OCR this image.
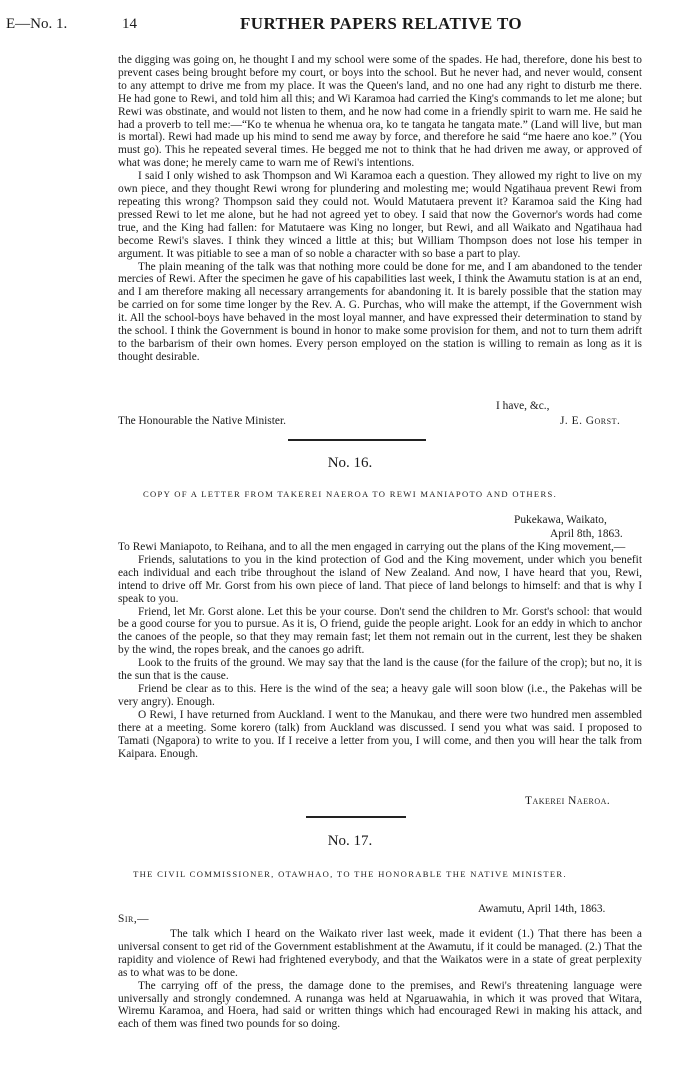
E—No. 1.	14	FURTHER PAPERS RELATIVE TO

the digging was going on, he thought I and my school were some of the spades. He had, therefore, done his best to prevent cases being brought before my court, or boys into the school. But he never had, and never would, consent to any attempt to drive me from my place. It was the Queen's land, and no one had any right to disturb me there. He had gone to Rewi, and told him all this; and Wi Karamoa had carried the King's commands to let me alone; but Rewi was obstinate, and would not listen to them, and he now had come in a friendly spirit to warn me. He said he had a proverb to tell me:—“Ko te whenua he whenua ora, ko te tangata he tangata mate.” (Land will live, but man is mortal). Rewi had made up his mind to send me away by force, and therefore he said “me haere ano koe.” (You must go). This he repeated several times. He begged me not to think that he had driven me away, or approved of what was done; he merely came to warn me of Rewi's intentions.

I said I only wished to ask Thompson and Wi Karamoa each a question. They allowed my right to live on my own piece, and they thought Rewi wrong for plundering and molesting me; would Ngatihaua prevent Rewi from repeating this wrong? Thompson said they could not. Would Matutaera prevent it? Karamoa said the King had pressed Rewi to let me alone, but he had not agreed yet to obey. I said that now the Governor's words had come true, and the King had fallen: for Matutaere was King no longer, but Rewi, and all Waikato and Ngatihaua had become Rewi's slaves. I think they winced a little at this; but William Thompson does not lose his temper in argument. It was pitiable to see a man of so noble a character with so base a part to play.

The plain meaning of the talk was that nothing more could be done for me, and I am abandoned to the tender mercies of Rewi. After the specimen he gave of his capabilities last week, I think the Awamutu station is at an end, and I am therefore making all necessary arrangements for abandoning it. It is barely possible that the station may be carried on for some time longer by the Rev. A. G. Purchas, who will make the attempt, if the Government wish it. All the school-boys have behaved in the most loyal manner, and have expressed their determination to stand by the school. I think the Government is bound in honor to make some provision for them, and not to turn them adrift to the barbarism of their own homes. Every person employed on the station is willing to remain as long as it is thought desirable.

I have, &c.,
The Honourable the Native Minister.	J. E. Gorst.
No. 16.
COPY OF A LETTER FROM TAKEREI NAEROA TO REWI MANIAPOTO AND OTHERS.
Pukekawa, Waikato,
April 8th, 1863.

To Rewi Maniapoto, to Reihana, and to all the men engaged in carrying out the plans of the King movement,—

Friends, salutations to you in the kind protection of God and the King movement, under which you benefit each individual and each tribe throughout the island of New Zealand. And now, I have heard that you, Rewi, intend to drive off Mr. Gorst from his own piece of land. That piece of land belongs to himself: and that is why I speak to you.

Friend, let Mr. Gorst alone. Let this be your course. Don't send the children to Mr. Gorst's school: that would be a good course for you to pursue. As it is, O friend, guide the people aright. Look for an eddy in which to anchor the canoes of the people, so that they may remain fast; let them not remain out in the current, lest they be shaken by the wind, the ropes break, and the canoes go adrift.

Look to the fruits of the ground. We may say that the land is the cause (for the failure of the crop); but no, it is the sun that is the cause.

Friend be clear as to this. Here is the wind of the sea; a heavy gale will soon blow (i.e., the Pakehas will be very angry). Enough.

O Rewi, I have returned from Auckland. I went to the Manukau, and there were two hundred men assembled there at a meeting. Some korero (talk) from Auckland was discussed. I send you what was said. I proposed to Tamati (Ngapora) to write to you. If I receive a letter from you, I will come, and then you will hear the talk from Kaipara. Enough.

Takerei Naeroa.
No. 17.
THE CIVIL COMMISSIONER, OTAWHAO, TO THE HONORABLE THE NATIVE MINISTER.
Awamutu, April 14th, 1863.
Sir,—

The talk which I heard on the Waikato river last week, made it evident (1.) That there has been a universal consent to get rid of the Government establishment at the Awamutu, if it could be managed. (2.) That the rapidity and violence of Rewi had frightened everybody, and that the Waikatos were in a state of great perplexity as to what was to be done.

The carrying off of the press, the damage done to the premises, and Rewi's threatening language were universally and strongly condemned. A runanga was held at Ngaruawahia, in which it was proved that Witara, Wiremu Karamoa, and Hoera, had said or written things which had encouraged Rewi in making his attack, and each of them was fined two pounds for so doing.
